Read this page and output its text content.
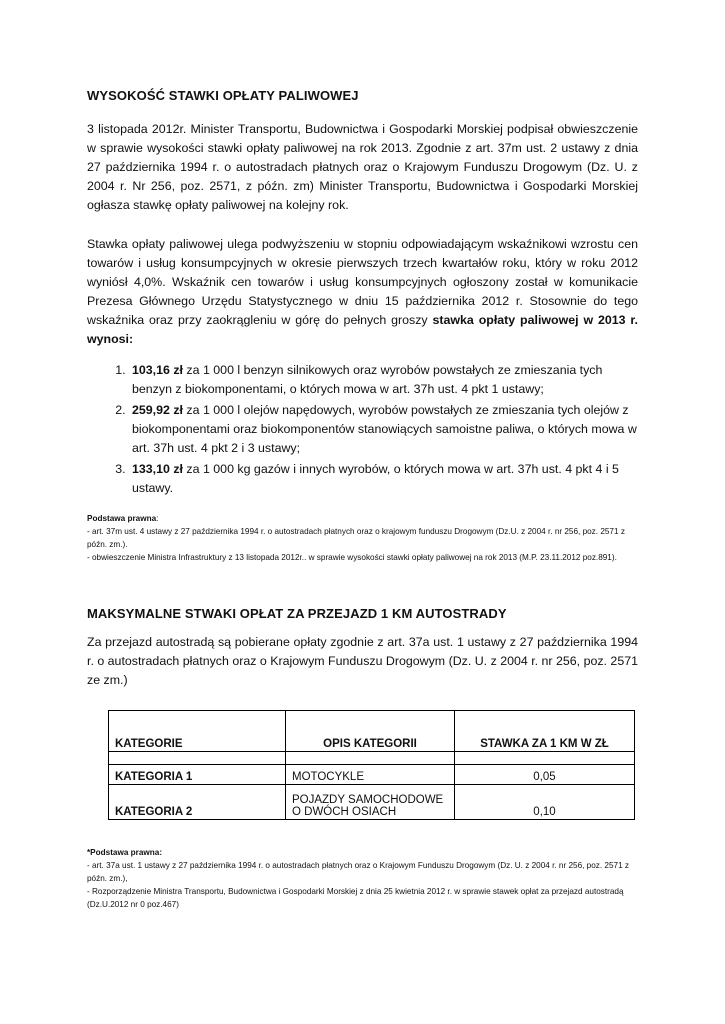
WYSOKOŚĆ STAWKI OPŁATY PALIWOWEJ

3 listopada 2012r. Minister Transportu, Budownictwa i Gospodarki Morskiej podpisał obwieszczenie w sprawie wysokości stawki opłaty paliwowej na rok 2013. Zgodnie z art. 37m ust. 2 ustawy z dnia 27 października 1994 r. o autostradach płatnych oraz o Krajowym Funduszu Drogowym (Dz. U. z 2004 r. Nr 256, poz. 2571, z późn. zm) Minister Transportu, Budownictwa i Gospodarki Morskiej ogłasza stawkę opłaty paliwowej na kolejny rok.

Stawka opłaty paliwowej ulega podwyższeniu w stopniu odpowiadającym wskaźnikowi wzrostu cen towarów i usług konsumpcyjnych w okresie pierwszych trzech kwartałów roku, który w roku 2012 wyniósł 4,0%. Wskaźnik cen towarów i usług konsumpcyjnych ogłoszony został w komunikacie Prezesa Głównego Urzędu Statystycznego w dniu 15 października 2012 r. Stosownie do tego wskaźnika oraz przy zaokrągleniu w górę do pełnych groszy stawka opłaty paliwowej w 2013 r. wynosi:

1. 103,16 zł za 1 000 l benzyn silnikowych oraz wyrobów powstałych ze zmieszania tych benzyn z biokomponentami, o których mowa w art. 37h ust. 4 pkt 1 ustawy;
2. 259,92 zł za 1 000 l olejów napędowych, wyrobów powstałych ze zmieszania tych olejów z biokomponentami oraz biokomponentów stanowiących samoistne paliwa, o których mowa w art. 37h ust. 4 pkt 2 i 3 ustawy;
3. 133,10 zł za 1 000 kg gazów i innych wyrobów, o których mowa w art. 37h ust. 4 pkt 4 i 5 ustawy.
Podstawa prawna:
- art. 37m ust. 4 ustawy z 27 października 1994 r. o autostradach płatnych oraz o krajowym funduszu Drogowym (Dz.U. z 2004 r. nr 256, poz. 2571 z późn. zm.).
- obwieszczenie Ministra Infrastruktury z 13 listopada 2012r.. w sprawie wysokości stawki opłaty paliwowej na rok 2013 (M.P. 23.11.2012 poz.891).
MAKSYMALNE STWAKI OPŁAT ZA PRZEJAZD 1 KM AUTOSTRADY

Za przejazd autostradą są pobierane opłaty zgodnie z art. 37a ust. 1 ustawy z 27 października 1994 r. o autostradach płatnych oraz o Krajowym Funduszu Drogowym (Dz. U. z 2004 r. nr 256, poz. 2571 ze zm.)

KATEGORIE	OPIS KATEGORII	STAWKA ZA 1 KM W ZŁ

KATEGORIA 1	MOTOCYKLE	0,05
KATEGORIA 2	POJAZDY SAMOCHODOWE O DWÓCH OSIACH	0,10
*Podstawa prawna:
- art. 37a ust. 1 ustawy z 27 października 1994 r. o autostradach płatnych oraz o Krajowym Funduszu Drogowym (Dz. U. z 2004 r. nr 256, poz. 2571 z późn. zm.),
- Rozporządzenie Ministra Transportu, Budownictwa i Gospodarki Morskiej z dnia 25 kwietnia 2012 r. w sprawie stawek opłat za przejazd autostradą (Dz.U.2012 nr 0 poz.467)
